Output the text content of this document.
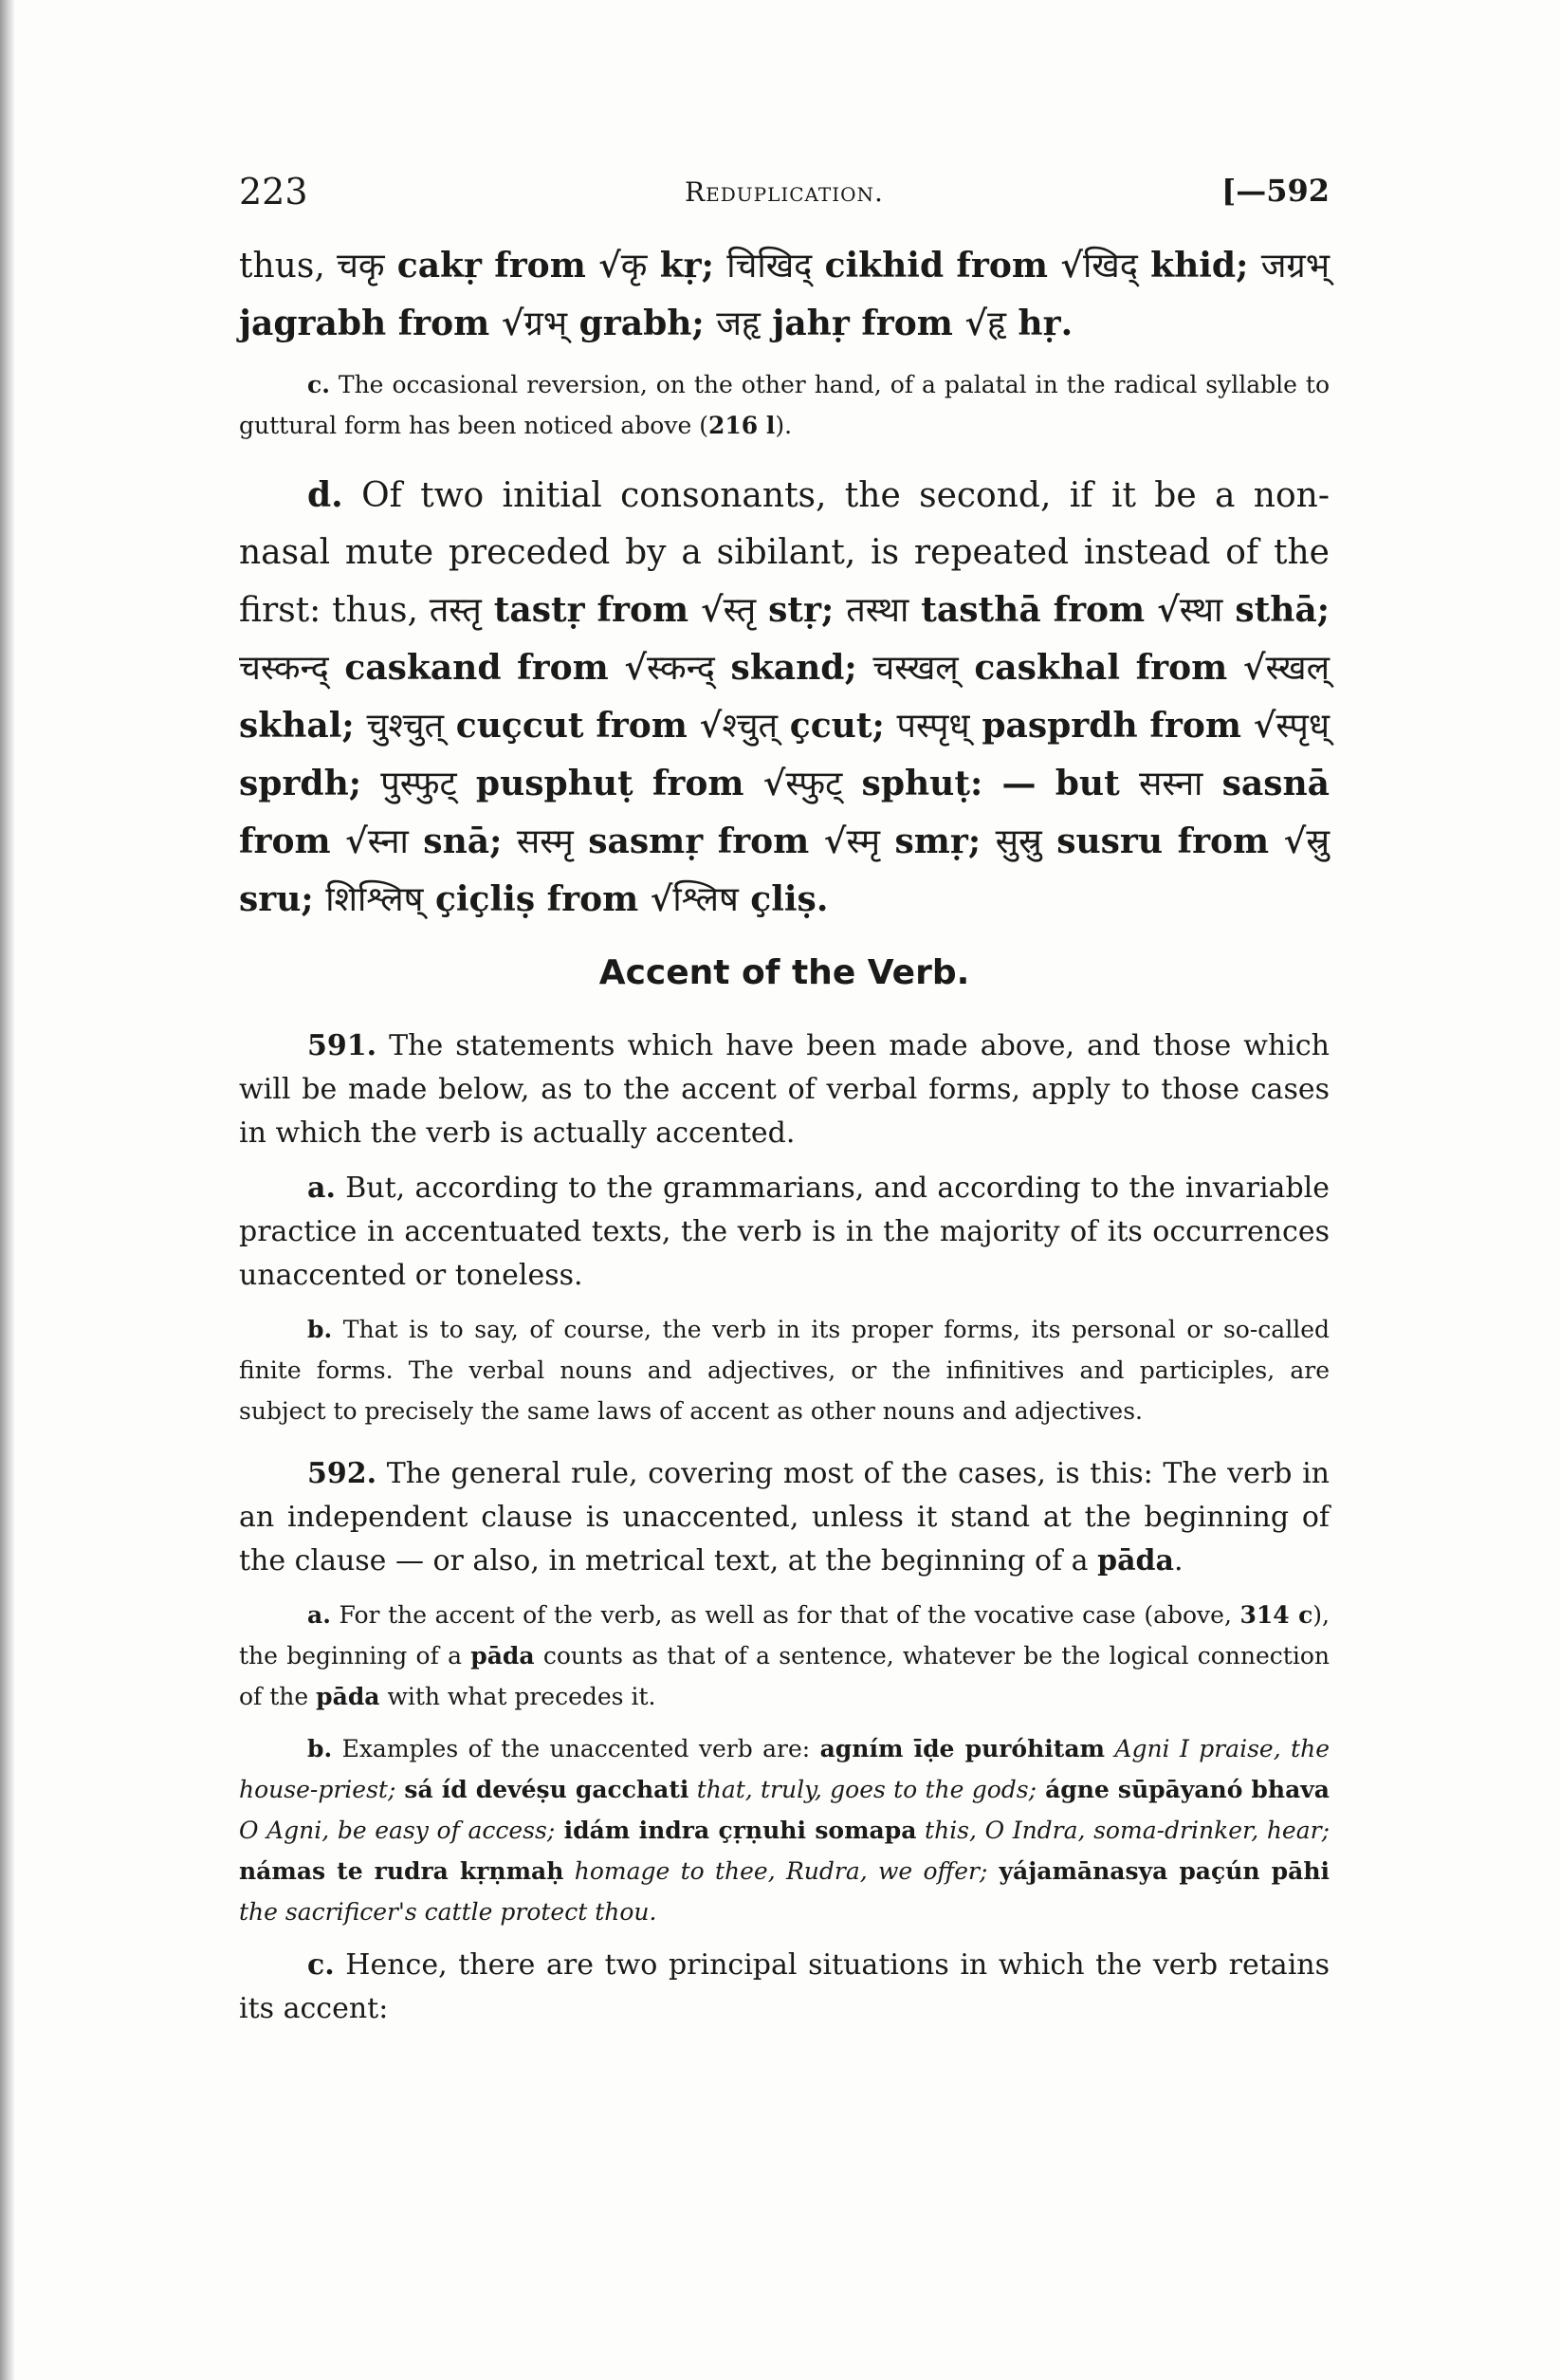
223	Reduplication.	[—592

thus, चकृ cakṛ from √कृ kṛ; चिखिद् cikhid from √खिद् khid; जग्रभ् jagrabh from √ग्रभ् grabh; जहृ jahṛ from √हृ hṛ.

c. The occasional reversion, on the other hand, of a palatal in the radical syllable to guttural form has been noticed above (216 l).

d. Of two initial consonants, the second, if it be a non-nasal mute preceded by a sibilant, is repeated instead of the first: thus, तस्तृ tastṛ from √स्तृ stṛ; तस्था tasthā from √स्था sthā; चस्कन्द् caskand from √स्कन्द् skand; चस्खल् caskhal from √स्खल् skhal; चुश्चुत् cuçcut from √श्चुत् çcut; पस्पृध् pasprdh from √स्पृध् sprdh; पुस्फुट् pusphuṭ from √स्फुट् sphuṭ: — but सस्ना sasnā from √स्ना snā; सस्मृ sasmṛ from √स्मृ smṛ; सुस्रु susru from √स्रु sru; शिश्लिष् çiçliṣ from √श्लिष çliṣ.

Accent of the Verb.

591. The statements which have been made above, and those which will be made below, as to the accent of verbal forms, apply to those cases in which the verb is actually accented.

a. But, according to the grammarians, and according to the invariable practice in accentuated texts, the verb is in the majority of its occurrences unaccented or toneless.

b. That is to say, of course, the verb in its proper forms, its personal or so-called finite forms. The verbal nouns and adjectives, or the infinitives and participles, are subject to precisely the same laws of accent as other nouns and adjectives.

592. The general rule, covering most of the cases, is this: The verb in an independent clause is unaccented, unless it stand at the beginning of the clause — or also, in metrical text, at the beginning of a pāda.

a. For the accent of the verb, as well as for that of the vocative case (above, 314 c), the beginning of a pāda counts as that of a sentence, whatever be the logical connection of the pāda with what precedes it.

b. Examples of the unaccented verb are: agním īḍe puróhitam Agni I praise, the house-priest; sá íd devéṣu gacchati that, truly, goes to the gods; ágne sūpāyanó bhava O Agni, be easy of access; idám indra çṛṇuhi somapa this, O Indra, soma-drinker, hear; námas te rudra kṛṇmaḥ homage to thee, Rudra, we offer; yájamānasya paçún pāhi the sacrificer's cattle protect thou.

c. Hence, there are two principal situations in which the verb retains its accent:
